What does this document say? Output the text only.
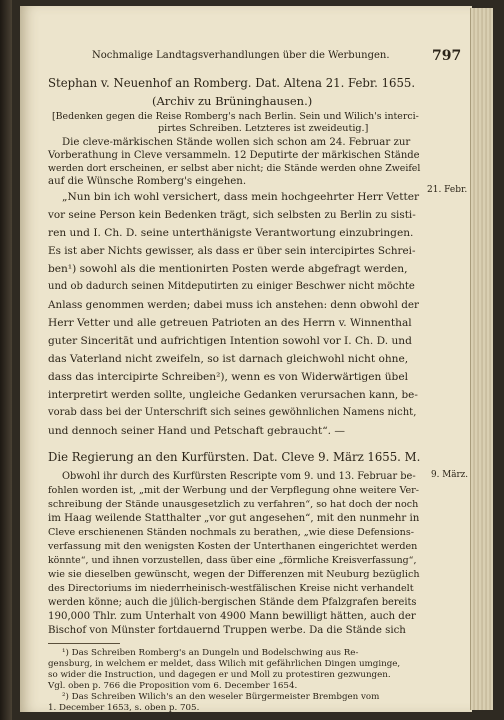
Nochmalige Landtagsverhandlungen über die Werbungen.	797
Stephan v. Neuenhof an Romberg. Dat. Altena 21. Febr. 1655.
(Archiv zu Brüninghausen.)
[Bedenken gegen die Reise Romberg's nach Berlin. Sein und Wilich's interci-
pirtes Schreiben. Letzteres ist zweideutig.]
Die cleve-märkischen Stände wollen sich schon am 24. Februar zur
Vorberathung in Cleve versammeln. 12 Deputirte der märkischen Stände
werden dort erscheinen, er selbst aber nicht; die Stände werden ohne Zweifel
auf die Wünsche Romberg's eingehen.
„Nun bin ich wohl versichert, dass mein hochgeehrter Herr Vetter
vor seine Person kein Bedenken trägt, sich selbsten zu Berlin zu sisti-
ren und I. Ch. D. seine unterthänigste Verantwortung einzubringen.
Es ist aber Nichts gewisser, als dass er über sein intercipirtes Schrei-
ben¹) sowohl als die mentionirten Posten werde abgefragt werden,
und ob dadurch seinen Mitdeputirten zu einiger Beschwer nicht möchte
Anlass genommen werden; dabei muss ich anstehen: denn obwohl der
Herr Vetter und alle getreuen Patrioten an des Herrn v. Winnenthal
guter Sinceritāt und aufrichtigen Intention sowohl vor I. Ch. D. und
das Vaterland nicht zweifeln, so ist darnach gleichwohl nicht ohne,
dass das intercipirte Schreiben²), wenn es von Widerwärtigen übel
interpretirt werden sollte, ungleiche Gedanken verursachen kann, be-
vorab dass bei der Unterschrift sich seines gewöhnlichen Namens nicht,
und dennoch seiner Hand und Petschaft gebraucht“. —
21. Febr.
Die Regierung an den Kurfürsten. Dat. Cleve 9. März 1655. M.
9. März.
Obwohl ihr durch des Kurfürsten Rescripte vom 9. und 13. Februar be-
fohlen worden ist, „mit der Werbung und der Verpflegung ohne weitere Ver-
schreibung der Stände unausgesetzlich zu verfahren“, so hat doch der noch
im Haag weilende Statthalter „vor gut angesehen“, mit den nunmehr in
Cleve erschienenen Ständen nochmals zu berathen, „wie diese Defensions-
verfassung mit den wenigsten Kosten der Unterthanen eingerichtet werden
könnte“, und ihnen vorzustellen, dass über eine „förmliche Kreisverfassung“,
wie sie dieselben gewünscht, wegen der Differenzen mit Neuburg bezüglich
des Directoriums im niederrheinisch-westfälischen Kreise nicht verhandelt
werden könne; auch die jülich-bergischen Stände dem Pfalzgrafen bereits
190,000 Thlr. zum Unterhalt von 4900 Mann bewilligt hätten, auch der
Bischof von Münster fortdauernd Truppen werbe. Da die Stände sich
¹) Das Schreiben Romberg's an Dungeln und Bodelschwing aus Re-
gensburg, in welchem er meldet, dass Wilich mit gefährlichen Dingen umginge,
so wider die Instruction, und dagegen er und Moll zu protestiren gezwungen.
Vgl. oben p. 766 die Proposition vom 6. December 1654.
²) Das Schreiben Wilich's an den weseler Bürgermeister Brembgen vom
1. December 1653, s. oben p. 705.
